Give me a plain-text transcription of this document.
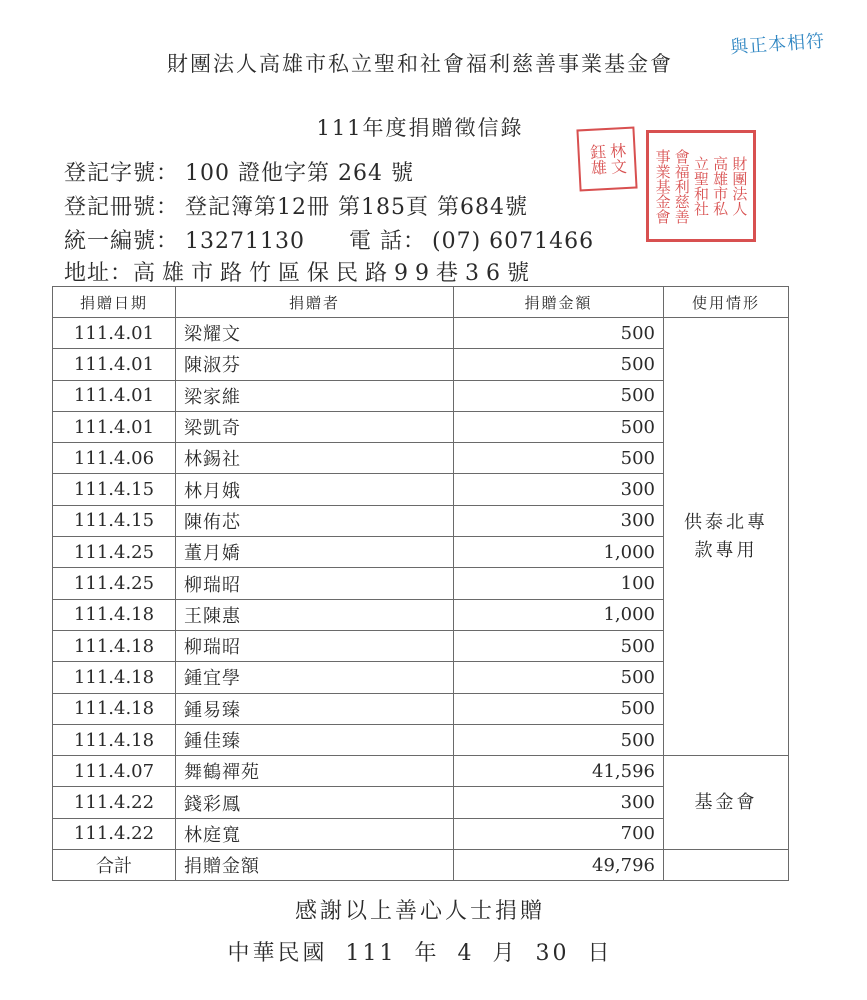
財團法人高雄市私立聖和社會福利慈善事業基金會
與正本相符
111年度捐贈徵信錄
登記字號： 100 證他字第 264 號
登記冊號： 登記簿第12冊 第185頁 第684號
統一編號： 13271130 電 話： (07) 6071466
地址：高雄市路竹區保民路99巷36號
林文
鈺雄	財團法人
高雄市私
立聖和社
會福利慈善
事業基金會
捐贈日期	捐贈者	捐贈金額	使用情形
111.4.01	梁耀文	500	供泰北專款專用
111.4.01	陳淑芬	500	
111.4.01	梁家維	500	
111.4.01	梁凱奇	500	
111.4.06	林錫社	500	
111.4.15	林月娥	300	
111.4.15	陳侑芯	300	
111.4.25	董月嬌	1,000	
111.4.25	柳瑞昭	100	
111.4.18	王陳惠	1,000	
111.4.18	柳瑞昭	500	
111.4.18	鍾宜學	500	
111.4.18	鍾易臻	500	
111.4.18	鍾佳臻	500	
111.4.07	舞鶴禪苑	41,596	基金會
111.4.22	錢彩鳳	300	
111.4.22	林庭寬	700	
合計	捐贈金額	49,796	
感謝以上善心人士捐贈
中華民國 111 年 4 月 30 日
